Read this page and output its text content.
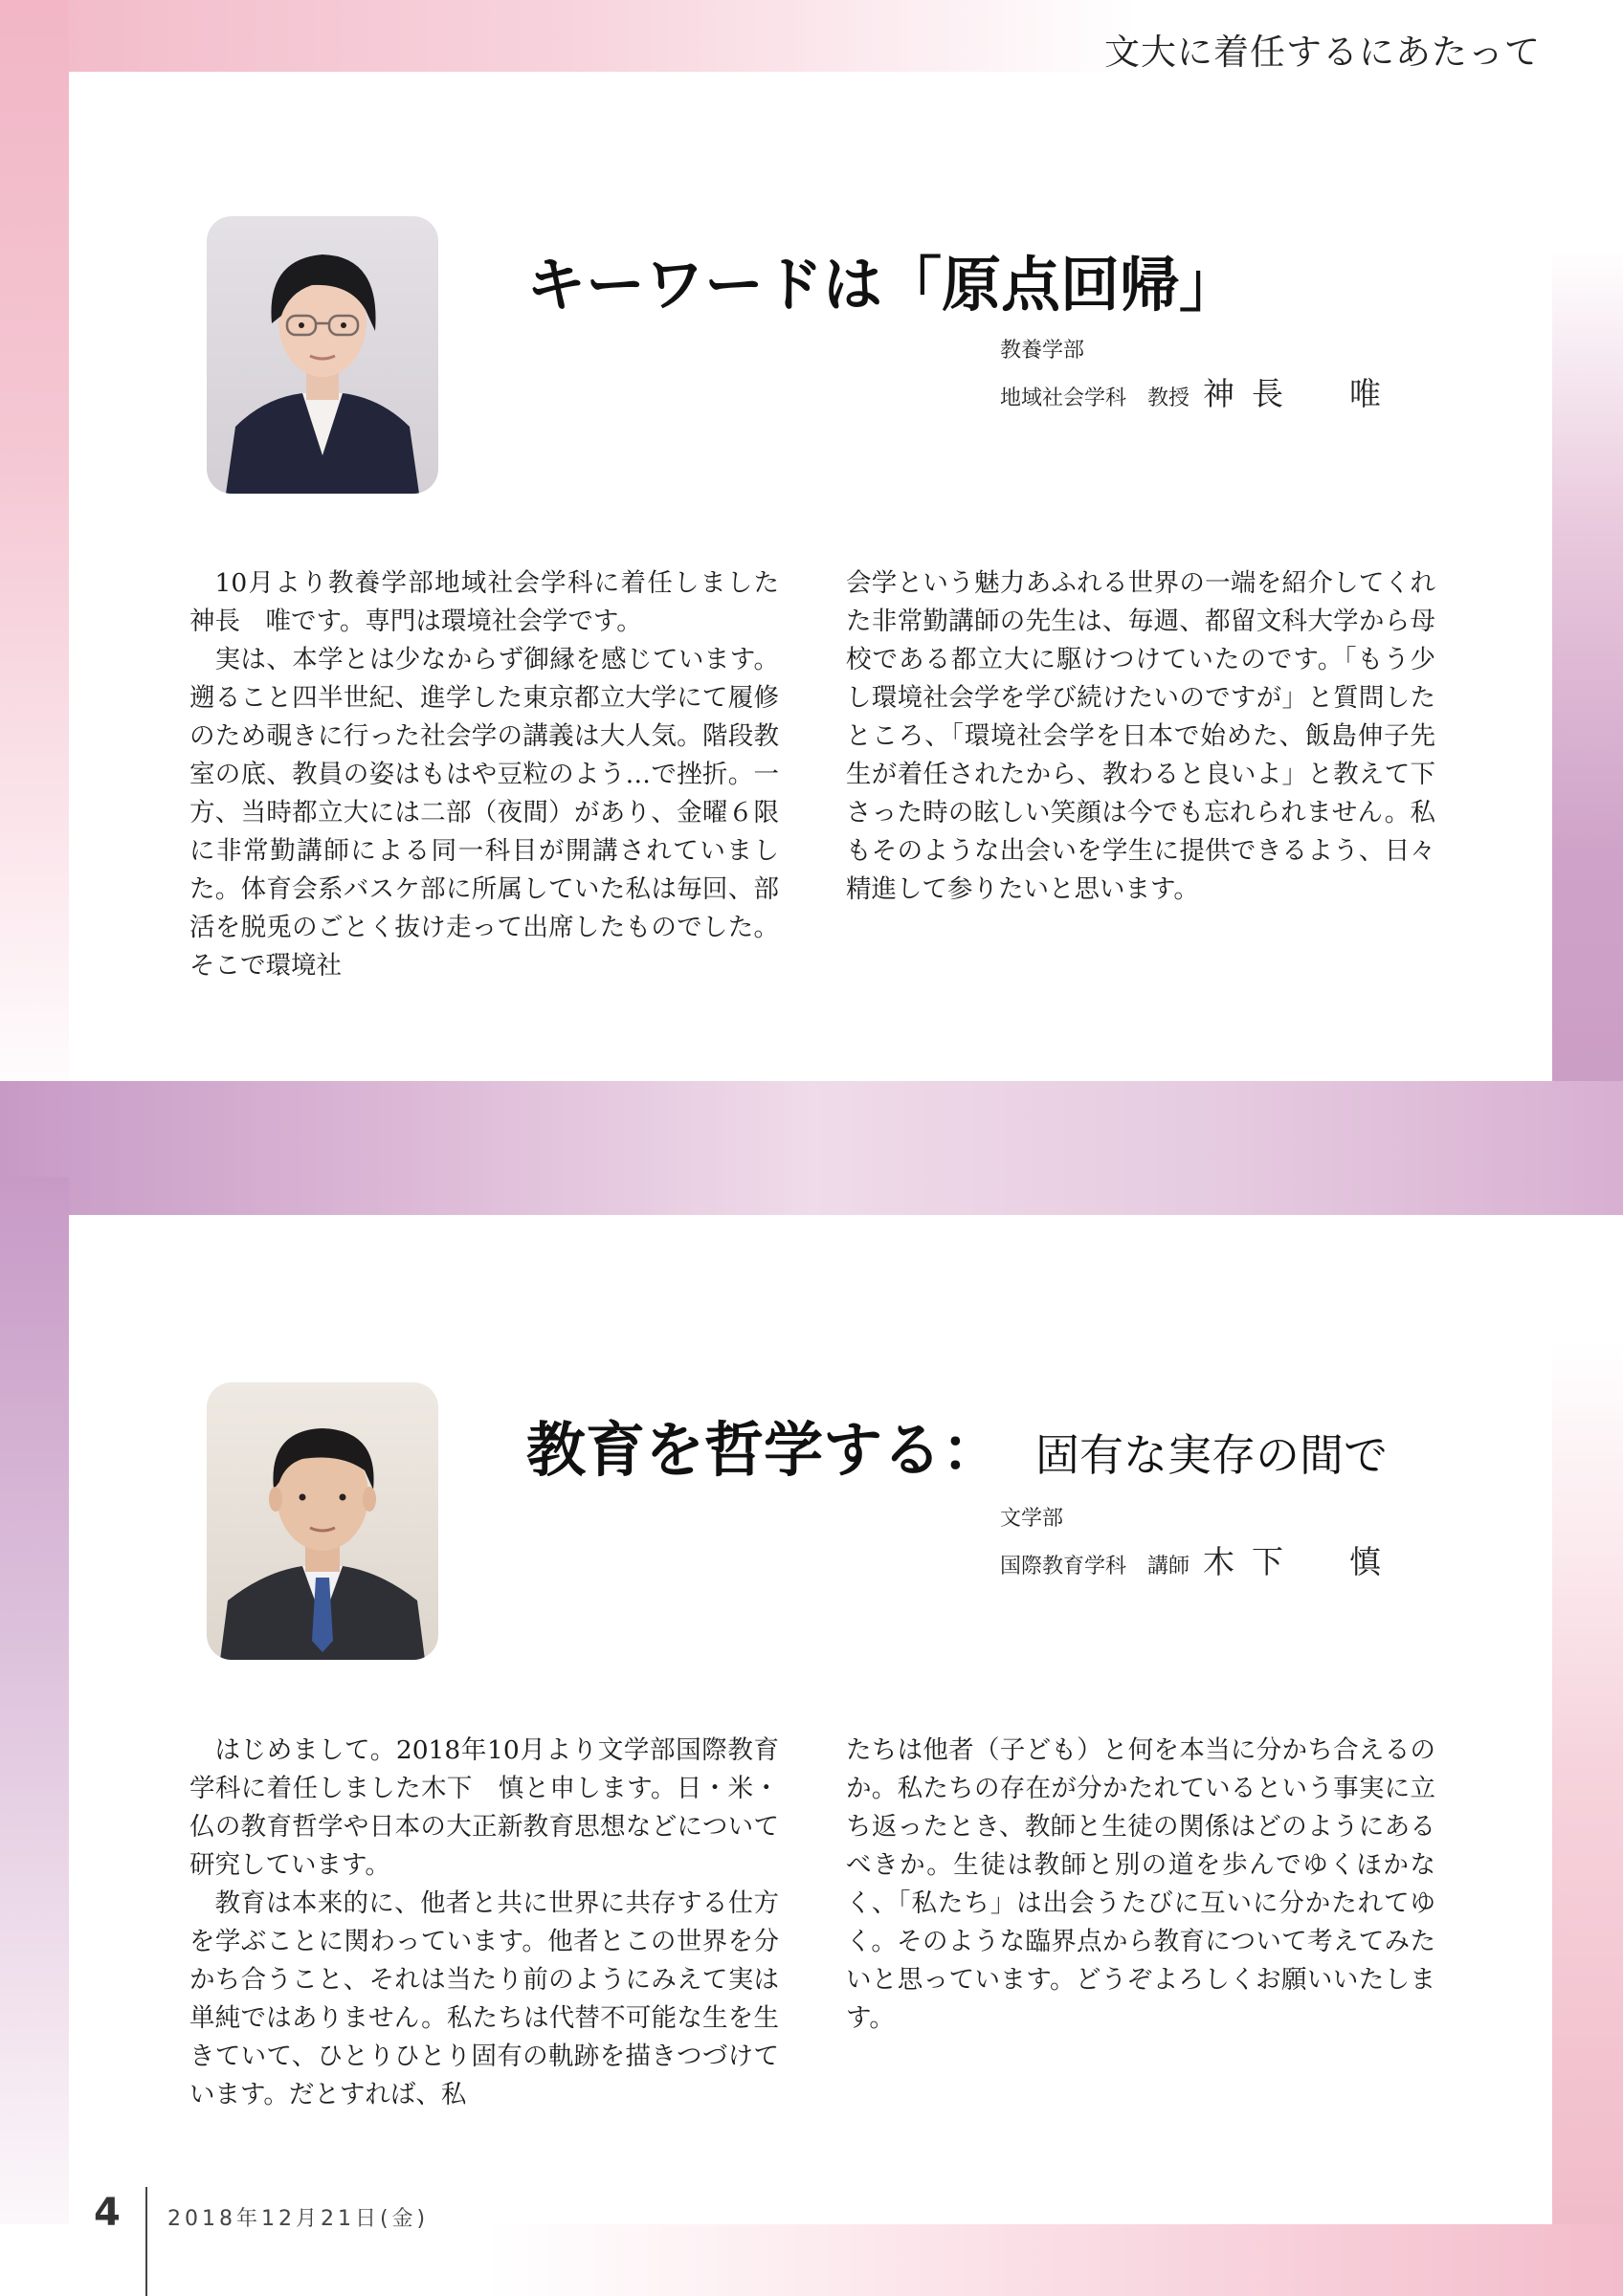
文大に着任するにあたって
キーワードは「原点回帰」
教養学部
地域社会学科 教授 神長　唯

10月より教養学部地域社会学科に着任しました神長　唯です。専門は環境社会学です。

実は、本学とは少なからず御縁を感じています。遡ること四半世紀、進学した東京都立大学にて履修のため覗きに行った社会学の講義は大人気。階段教室の底、教員の姿はもはや豆粒のよう…で挫折。一方、当時都立大には二部（夜間）があり、金曜６限に非常勤講師による同一科目が開講されていました。体育会系バスケ部に所属していた私は毎回、部活を脱兎のごとく抜け走って出席したものでした。そこで環境社

会学という魅力あふれる世界の一端を紹介してくれた非常勤講師の先生は、毎週、都留文科大学から母校である都立大に駆けつけていたのです。「もう少し環境社会学を学び続けたいのですが」と質問したところ、「環境社会学を日本で始めた、飯島伸子先生が着任されたから、教わると良いよ」と教えて下さった時の眩しい笑顔は今でも忘れられません。私もそのような出会いを学生に提供できるよう、日々精進して参りたいと思います。

教育を哲学する： 固有な実存の間で
文学部
国際教育学科 講師 木下　慎

はじめまして。2018年10月より文学部国際教育学科に着任しました木下　慎と申します。日・米・仏の教育哲学や日本の大正新教育思想などについて研究しています。

教育は本来的に、他者と共に世界に共存する仕方を学ぶことに関わっています。他者とこの世界を分かち合うこと、それは当たり前のようにみえて実は単純ではありません。私たちは代替不可能な生を生きていて、ひとりひとり固有の軌跡を描きつづけています。だとすれば、私

たちは他者（子ども）と何を本当に分かち合えるのか。私たちの存在が分かたれているという事実に立ち返ったとき、教師と生徒の関係はどのようにあるべきか。生徒は教師と別の道を歩んでゆくほかなく、「私たち」は出会うたびに互いに分かたれてゆく。そのような臨界点から教育について考えてみたいと思っています。どうぞよろしくお願いいたします。

4 2018年12月21日(金)
